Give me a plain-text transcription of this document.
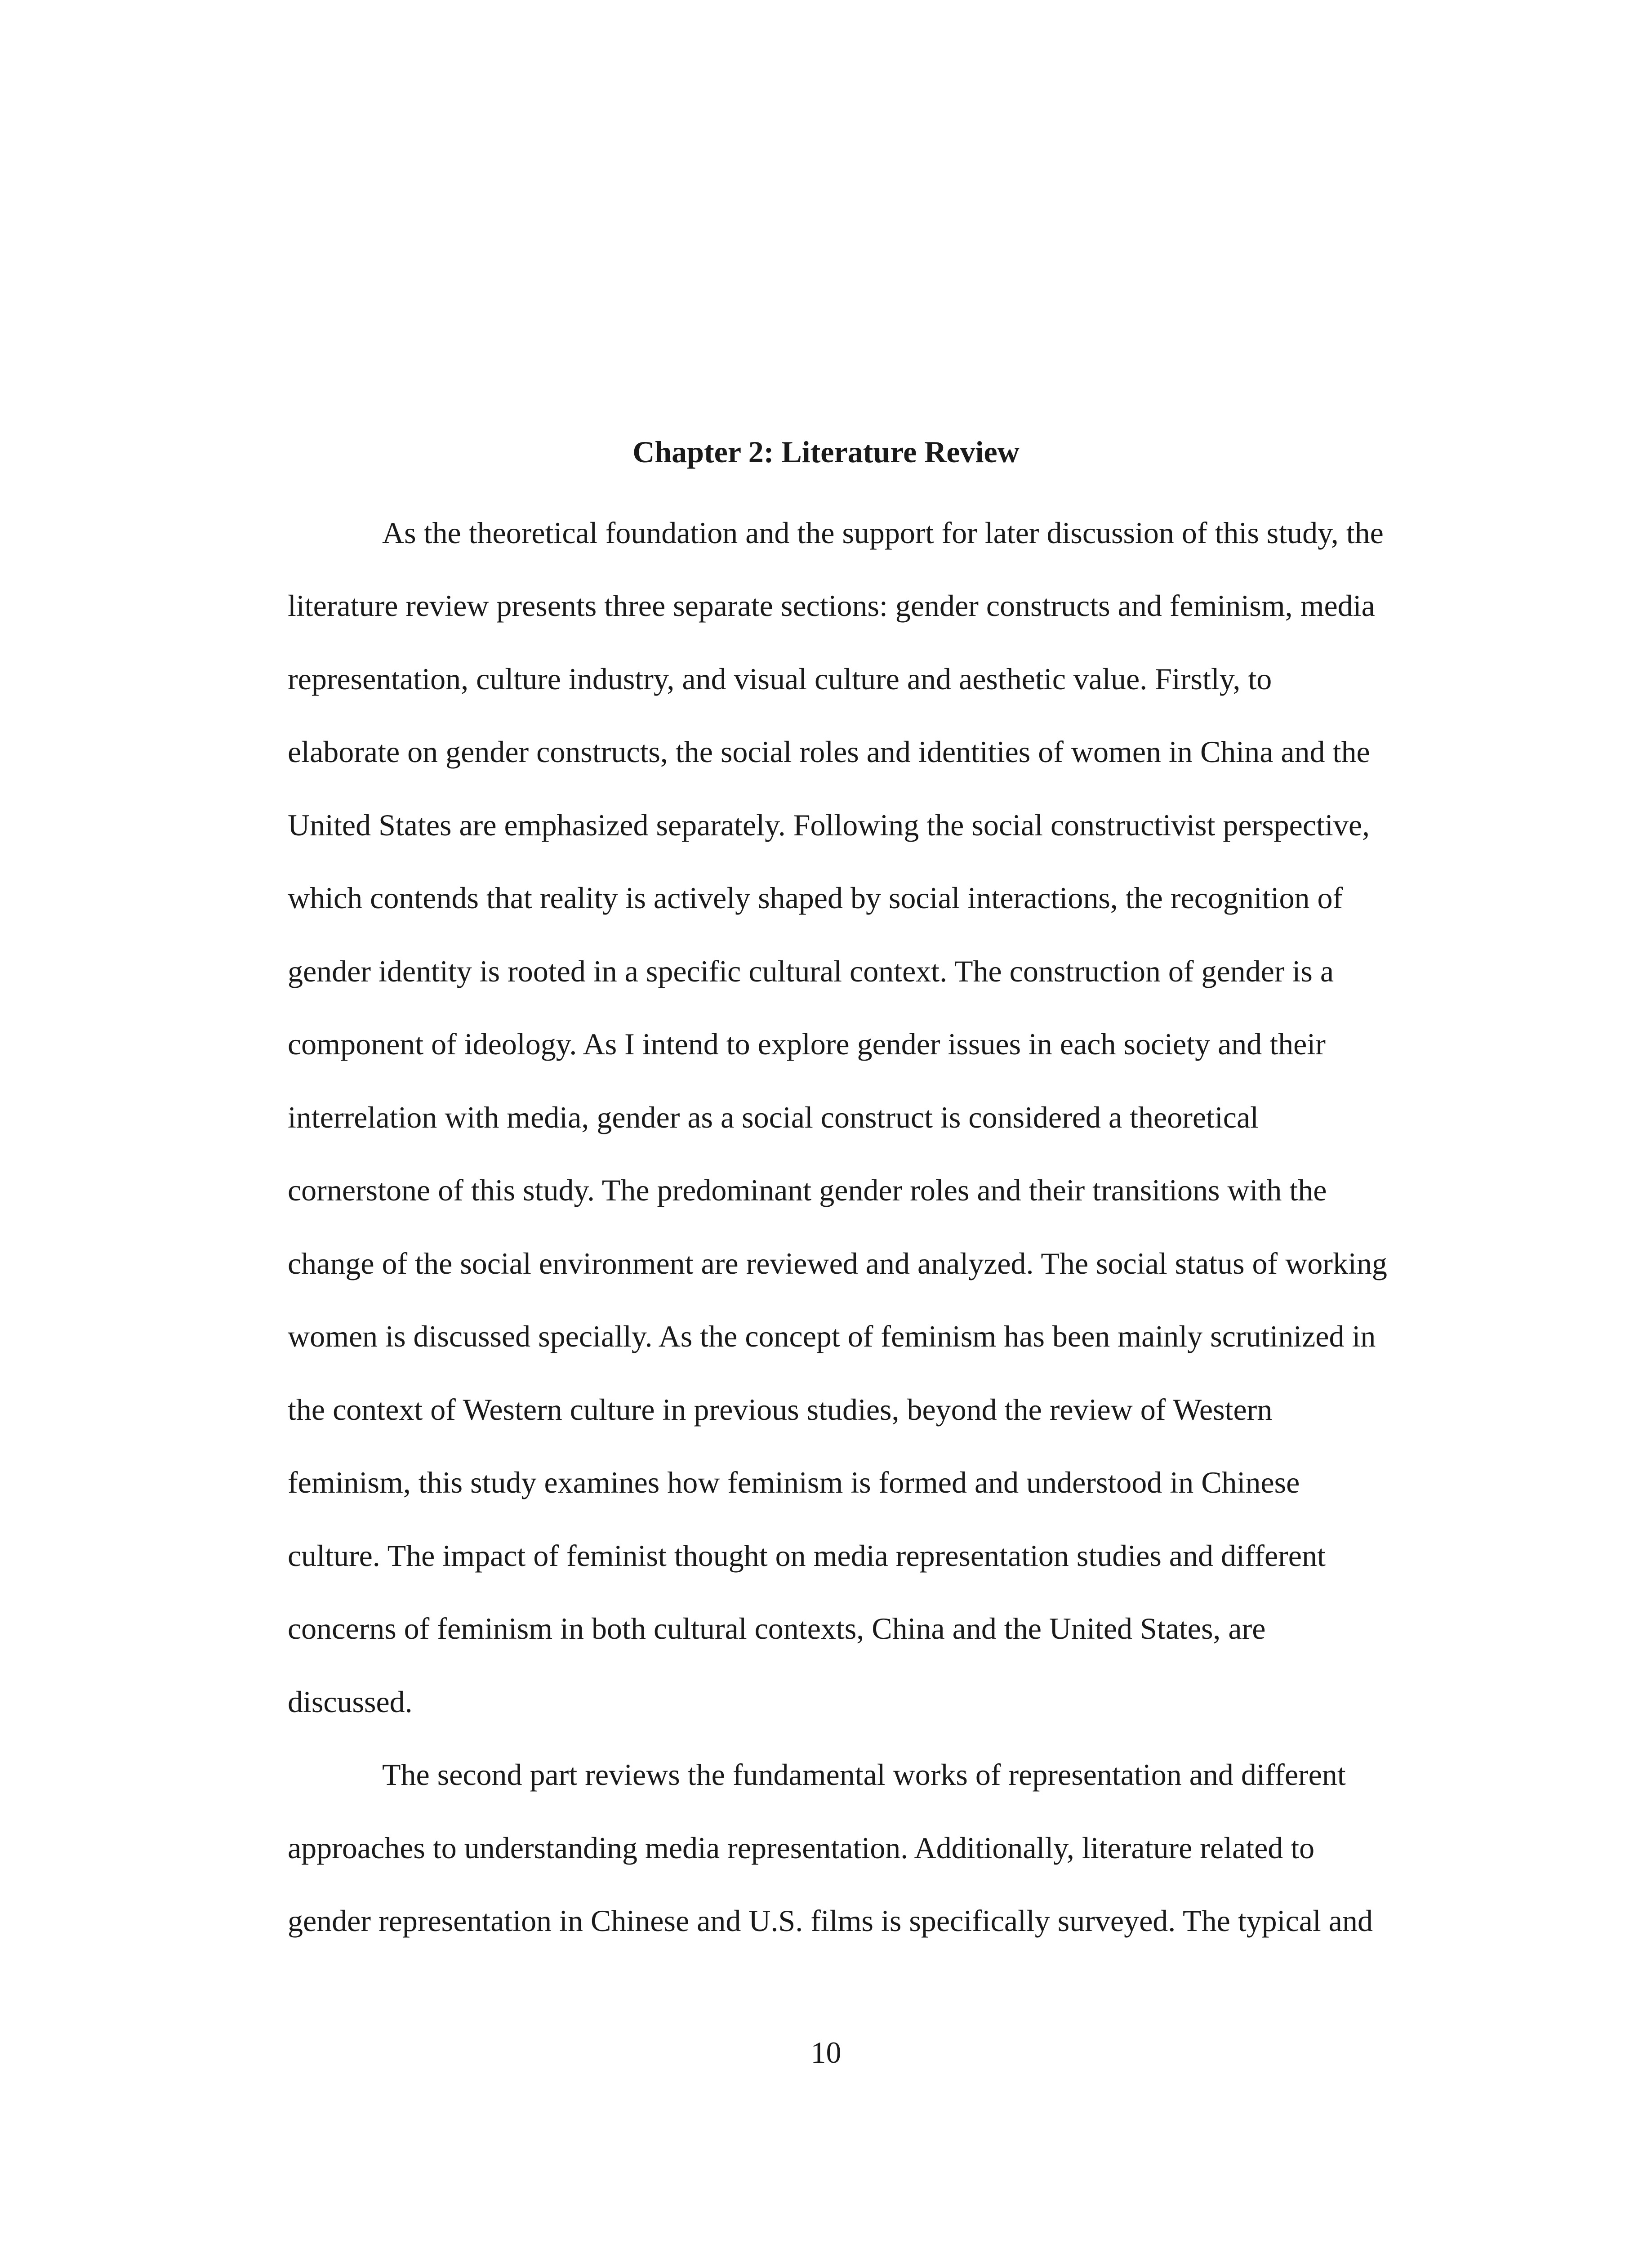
Chapter 2: Literature Review
As the theoretical foundation and the support for later discussion of this study, the
literature review presents three separate sections: gender constructs and feminism, media
representation, culture industry, and visual culture and aesthetic value. Firstly, to
elaborate on gender constructs, the social roles and identities of women in China and the
United States are emphasized separately. Following the social constructivist perspective,
which contends that reality is actively shaped by social interactions, the recognition of
gender identity is rooted in a specific cultural context. The construction of gender is a
component of ideology. As I intend to explore gender issues in each society and their
interrelation with media, gender as a social construct is considered a theoretical
cornerstone of this study. The predominant gender roles and their transitions with the
change of the social environment are reviewed and analyzed. The social status of working
women is discussed specially. As the concept of feminism has been mainly scrutinized in
the context of Western culture in previous studies, beyond the review of Western
feminism, this study examines how feminism is formed and understood in Chinese
culture. The impact of feminist thought on media representation studies and different
concerns of feminism in both cultural contexts, China and the United States, are
discussed.
The second part reviews the fundamental works of representation and different
approaches to understanding media representation. Additionally, literature related to
gender representation in Chinese and U.S. films is specifically surveyed. The typical and
10
